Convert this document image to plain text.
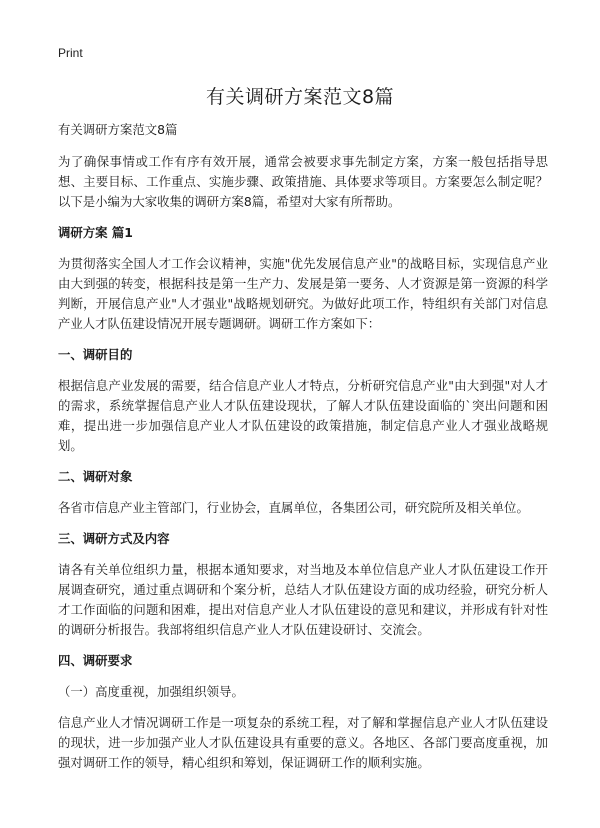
Print
有关调研方案范文8篇

有关调研方案范文8篇

为了确保事情或工作有序有效开展，通常会被要求事先制定方案，方案一般包括指导思想、主要目标、工作重点、实施步骤、政策措施、具体要求等项目。方案要怎么制定呢？以下是小编为大家收集的调研方案8篇，希望对大家有所帮助。

调研方案 篇1

为贯彻落实全国人才工作会议精神，实施"优先发展信息产业"的战略目标，实现信息产业由大到强的转变，根据科技是第一生产力、发展是第一要务、人才资源是第一资源的科学判断，开展信息产业"人才强业"战略规划研究。为做好此项工作，特组织有关部门对信息产业人才队伍建设情况开展专题调研。调研工作方案如下：

一、调研目的

根据信息产业发展的需要，结合信息产业人才特点，分析研究信息产业"由大到强"对人才的需求，系统掌握信息产业人才队伍建设现状，了解人才队伍建设面临的`突出问题和困难，提出进一步加强信息产业人才队伍建设的政策措施，制定信息产业人才强业战略规划。

二、调研对象

各省市信息产业主管部门，行业协会，直属单位，各集团公司，研究院所及相关单位。

三、调研方式及内容

请各有关单位组织力量，根据本通知要求，对当地及本单位信息产业人才队伍建设工作开展调查研究，通过重点调研和个案分析，总结人才队伍建设方面的成功经验，研究分析人才工作面临的问题和困难，提出对信息产业人才队伍建设的意见和建议，并形成有针对性的调研分析报告。我部将组织信息产业人才队伍建设研讨、交流会。

四、调研要求

（一）高度重视，加强组织领导。

信息产业人才情况调研工作是一项复杂的系统工程，对了解和掌握信息产业人才队伍建设的现状，进一步加强产业人才队伍建设具有重要的意义。各地区、各部门要高度重视，加强对调研工作的领导，精心组织和筹划，保证调研工作的顺利实施。
